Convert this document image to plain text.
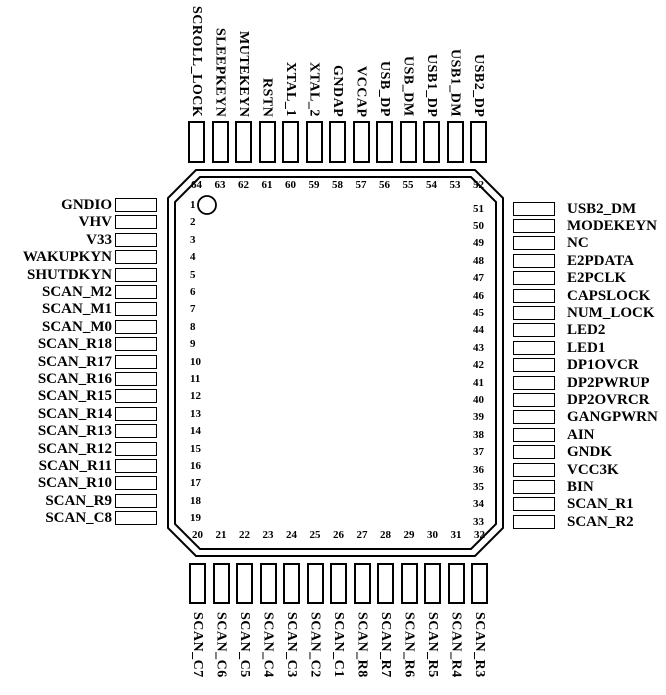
64
SCROLL_LOCK
63
SLEEPKEYN
62
MUTEKEYN
61
RSTN
60
XTAL_1
59
XTAL_2
58
GNDAP
57
VCCAP
56
USB_DP
55
USB_DM
54
USB1_DP
53
USB1_DM
52
USB2_DP
1
GNDIO
2
VHV
3
V33
4
WAKUPKYN
5
SHUTDKYN
6
SCAN_M2
7
SCAN_M1
8
SCAN_M0
9
SCAN_R18
10
SCAN_R17
11
SCAN_R16
12
SCAN_R15
13
SCAN_R14
14
SCAN_R13
15
SCAN_R12
16
SCAN_R11
17
SCAN_R10
18
SCAN_R9
19
SCAN_C8
51	USB2_DM
50	MODEKEYN
49	NC
48	E2PDATA
47	E2PCLK
46	CAPSLOCK
45	NUM_LOCK
44	LED2
43	LED1
42	DP1OVCR
41	DP2PWRUP
40	DP2OVRCR
39	GANGPWRN
38	AIN
37	GNDK
36	VCC3K
35	BIN
34	SCAN_R1
33	SCAN_R2
20
SCAN_C7
21
SCAN_C6
22
SCAN_C5
23
SCAN_C4
24
SCAN_C3
25
SCAN_C2
26
SCAN_C1
27
SCAN_R8
28
SCAN_R7
29
SCAN_R6
30
SCAN_R5
31
SCAN_R4
32
SCAN_R3
